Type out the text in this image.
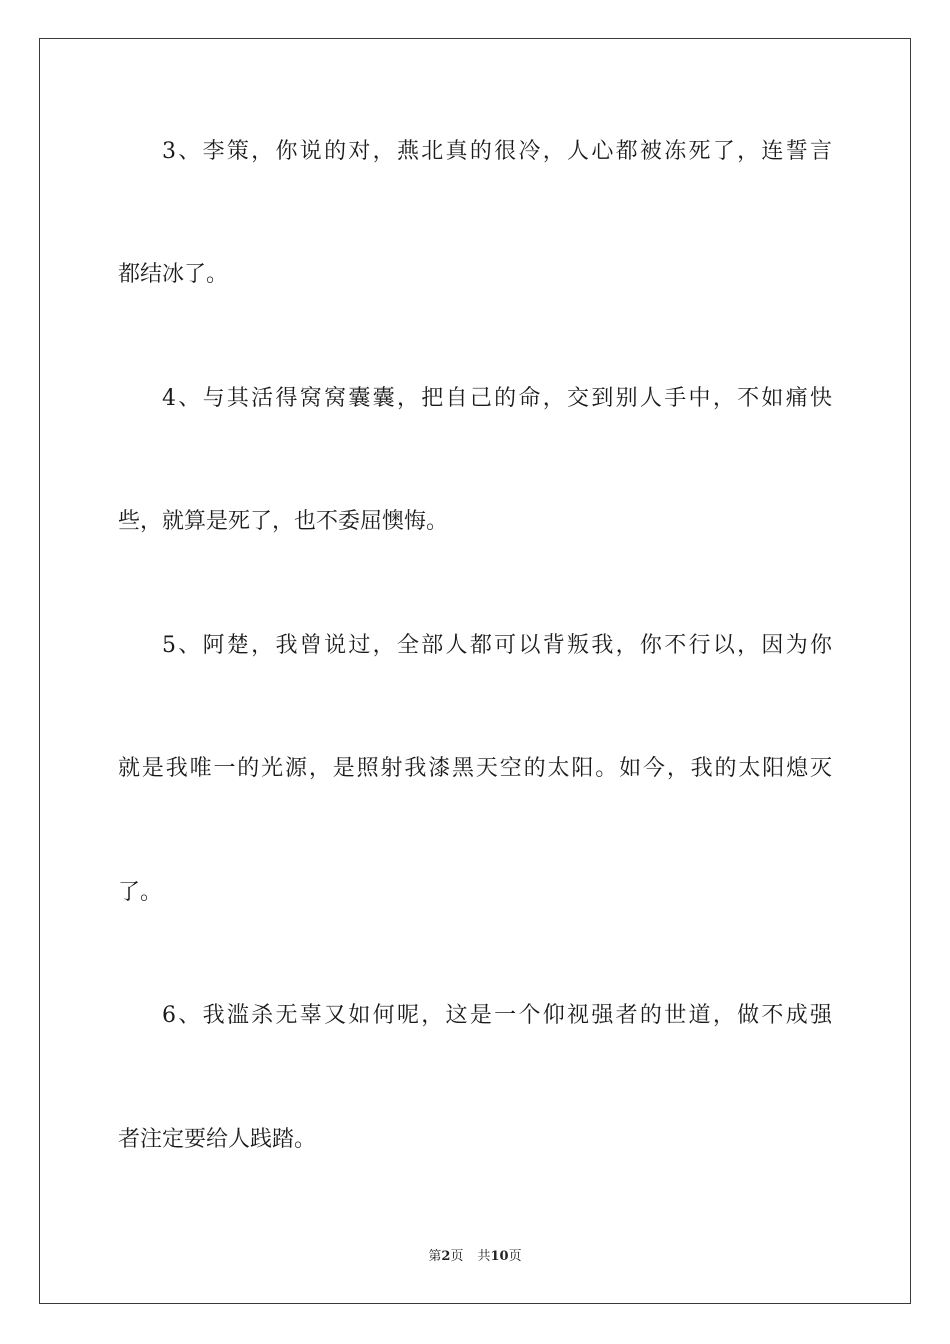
3、李策，你说的对，燕北真的很冷，人心都被冻死了，连誓言
都结冰了。
4、与其活得窝窝囊囊，把自己的命，交到别人手中，不如痛快
些，就算是死了，也不委屈懊悔。
5、阿楚，我曾说过，全部人都可以背叛我，你不行以，因为你
就是我唯一的光源，是照射我漆黑天空的太阳。如今，我的太阳熄灭
了。
6、我滥杀无辜又如何呢，这是一个仰视强者的世道，做不成强
者注定要给人践踏。
第2页 共10页
